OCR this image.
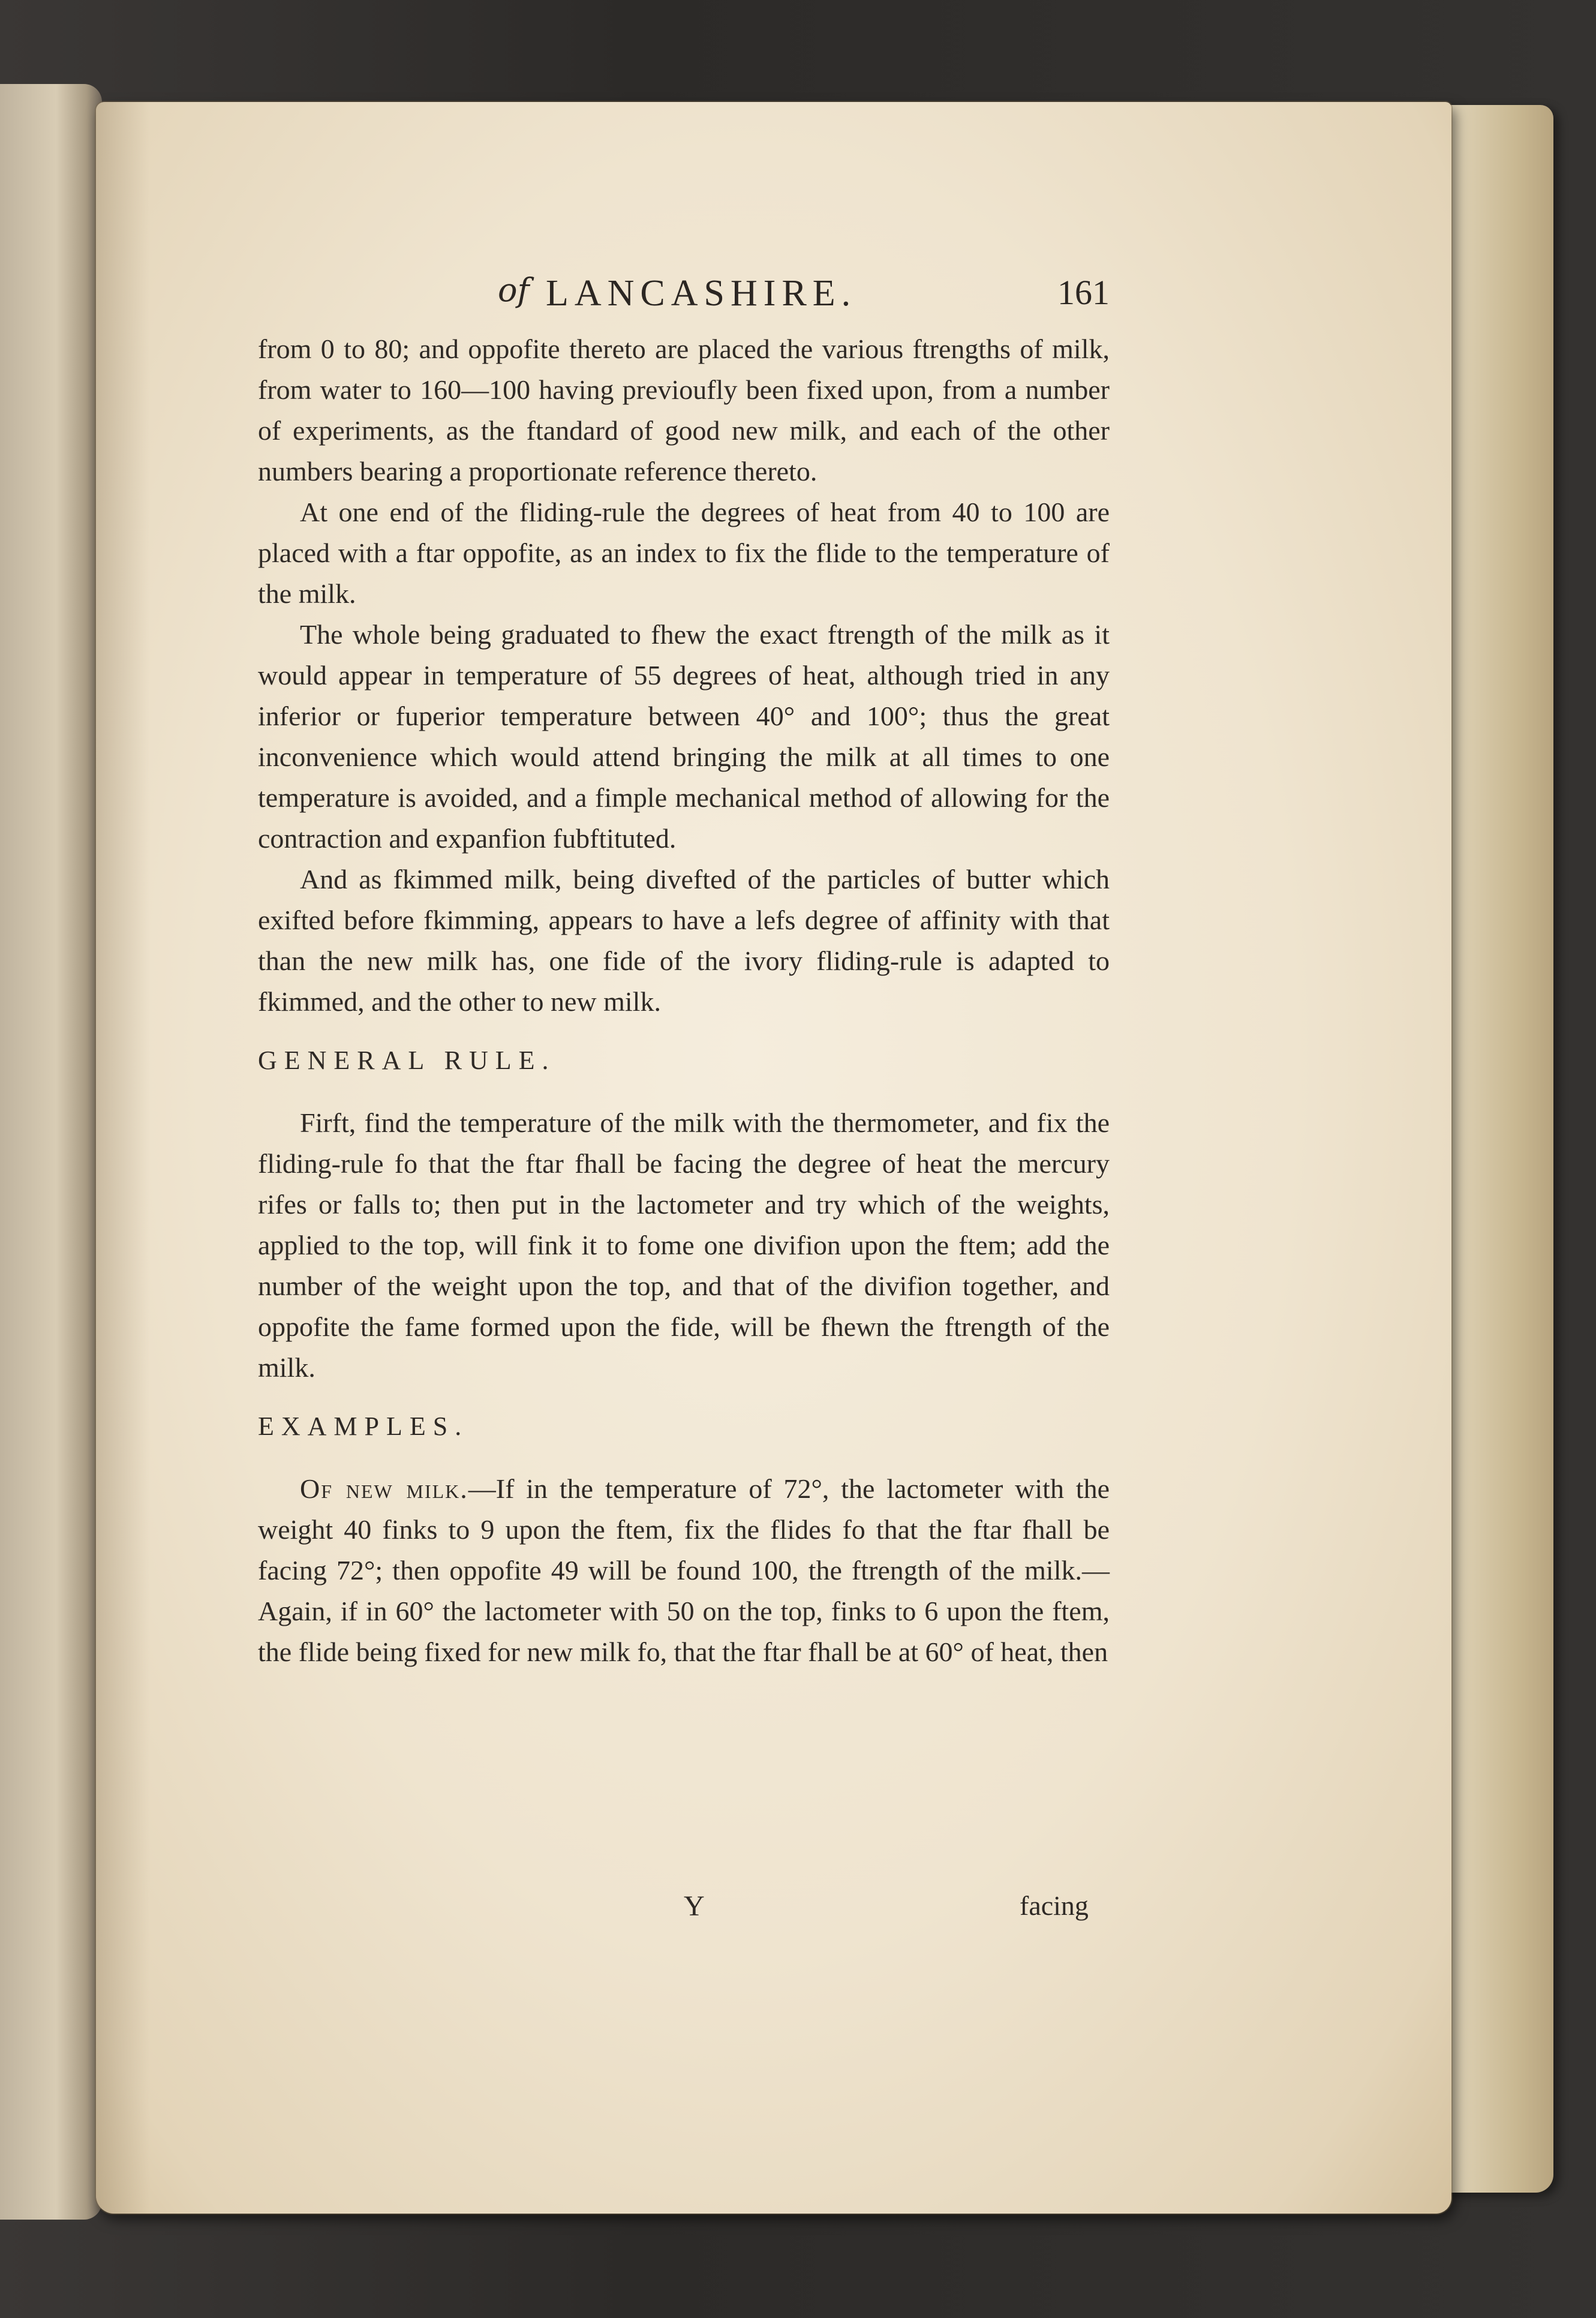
of LANCASHIRE.	161

from 0 to 80; and oppofite thereto are placed the various ftrengths of milk, from water to 160—100 having previoufly been fixed upon, from a number of experiments, as the ftandard of good new milk, and each of the other numbers bearing a proportionate reference thereto.

At one end of the fliding-rule the degrees of heat from 40 to 100 are placed with a ftar oppofite, as an index to fix the flide to the temperature of the milk.

The whole being graduated to fhew the exact ftrength of the milk as it would appear in temperature of 55 degrees of heat, although tried in any inferior or fuperior temperature between 40° and 100°; thus the great inconvenience which would attend bringing the milk at all times to one temperature is avoided, and a fimple mechanical method of allowing for the contraction and expanfion fubftituted.

And as fkimmed milk, being divefted of the particles of butter which exifted before fkimming, appears to have a lefs degree of affinity with that than the new milk has, one fide of the ivory fliding-rule is adapted to fkimmed, and the other to new milk.

GENERAL RULE.

Firft, find the temperature of the milk with the thermometer, and fix the fliding-rule fo that the ftar fhall be facing the degree of heat the mercury rifes or falls to; then put in the lactometer and try which of the weights, applied to the top, will fink it to fome one divifion upon the ftem; add the number of the weight upon the top, and that of the divifion together, and oppofite the fame formed upon the fide, will be fhewn the ftrength of the milk.

EXAMPLES.

Of new milk.—If in the temperature of 72°, the lactometer with the weight 40 finks to 9 upon the ftem, fix the flides fo that the ftar fhall be facing 72°; then oppofite 49 will be found 100, the ftrength of the milk.—Again, if in 60° the lactometer with 50 on the top, finks to 6 upon the ftem, the flide being fixed for new milk fo, that the ftar fhall be at 60° of heat, then

Y	facing
